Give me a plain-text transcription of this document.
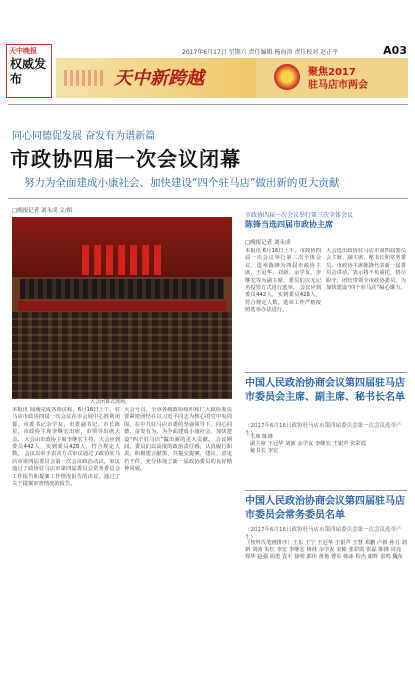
天中晚报
权威发布
2017年6月17日 星期六 责任编辑 杨海涛 责任校对 赵正平	A03
天中新跨越	聚焦2017
驻马店市两会
同心同德促发展 奋发有为谱新篇
市政协四届一次会议闭幕
努力为全面建成小康社会、加快建设“四个驻马店”做出新的更大贡献
□晚报记者 刘永成 文/图
大会闭幕式现场。
本报讯 圆满完成各项议程，6月16日上午，驻马店市政协四届一次会议在市会展中心胜利闭幕。市委书记余学友，市委副书记、市长陈星，市政协主席李继宏出席，市领导出席大会。 大会由市政协主席李继宏主持。大会应到委员442人，实到委员428人，符合规定人数。 会议以举手表决方式审议通过了政协驻马店市第四届委员会第一次会议政治决议，审议通过了政协驻马店市第四届委员会常务委员会工作报告和提案工作情况报告的决议，通过了关于提案审查情况的报告。
大会号召，全市各级政协组织和广大政协委员要紧密团结在以习近平同志为核心的党中央周围，在中共驻马店市委的坚强领导下，同心同德、奋发有为，为全面建成小康社会、加快建设“四个驻马店”做出新的更大贡献。 会议期间，委员们以高度的政治责任感，认真履行职责，积极建言献策，共提交提案、建议、意见若干件，充分体现了新一届政协委员的良好精神风貌。
市政协四届一次会议举行第三次全体会议
陈锋当选四届市政协主席
□晚报记者 刘永成
本报讯 6月16日上午，市政协四届一次会议举行第三次全体会议，选举陈锋为四届市政协主席，王冠华、刘新、余学友、李继宏等为副主席，委员们以无记名投票方式进行选举。 会议应到委员442人，实到委员428人，符合规定人数。选举工作严格按照选举办法进行。
大会选出政协驻马店市第四届委员会主席、副主席、秘书长和常务委员。市政协主席陈锋代表新一届委员会讲话，表示将不负重托，恪尽职守，团结带领全市政协委员，为加快建设“四个驻马店”凝心聚力。
中国人民政治协商会议第四届驻马店市委员会主席、副主席、秘书长名单
（2017年6月16日政协驻马店市第四届委员会第一次会议选举产生）
主席 陈锋
副主席 王冠华 刘新 余学友 李继宏 王银声 张彩霞
秘书长 李宏
中国人民政治协商会议第四届驻马店市委员会常务委员名单
（2017年6月16日政协驻马店市第四届委员会第一次会议选举产生）
（按姓氏笔画排序）王东 王宁 王冠华 王银声 王慧 邓鹏 卢新 孙力 刘新 刘涛 朱红 李宏 李继宏 杨林 余学友 宋彬 张彩霞 张磊 陈锋 周亮 郑华 赵强 胡勇 袁平 徐明 郭伟 黄艳 曹军 韩冰 程杰 谢辉 雷鸣 魏东
